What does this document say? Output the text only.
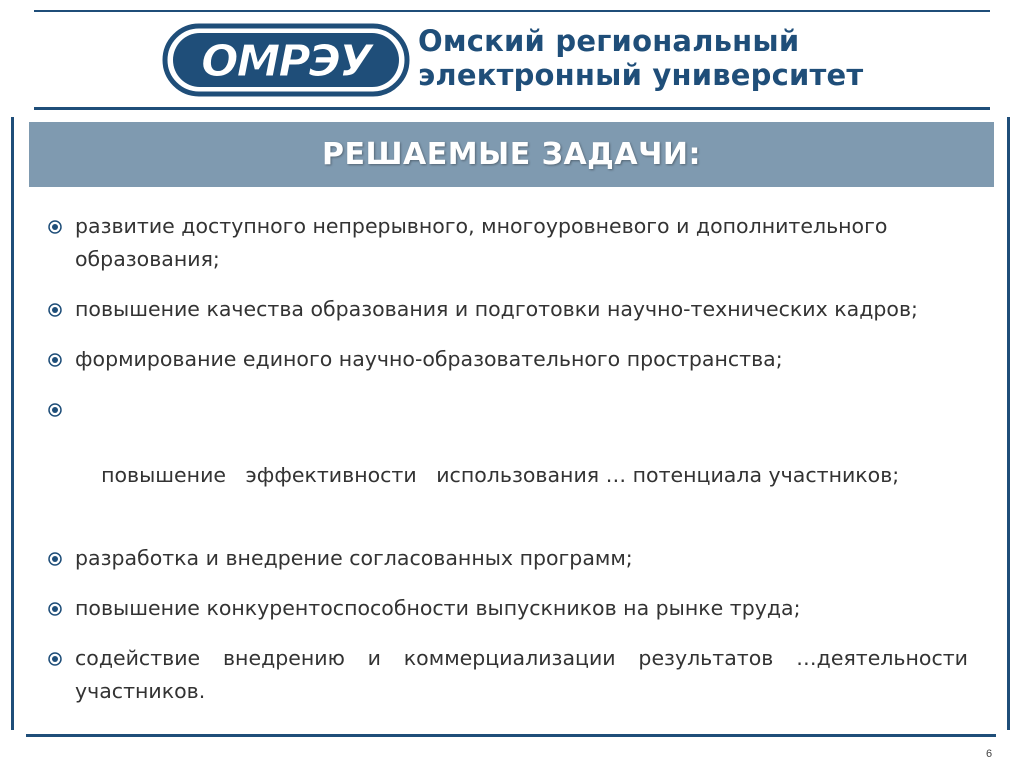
ОМРЭУ Омский региональный
электронный университет
РЕШАЕМЫЕ ЗАДАЧИ:
развитие доступного непрерывного, многоуровневого и дополнительного образования;
повышение качества образования и подготовки научно-технических кадров;
формирование единого научно-образовательного пространства;

повышение   эффективности   использования … потенциала участников;

разработка и внедрение согласованных программ;
повышение конкурентоспособности выпускников на рынке труда;
содействие внедрению и коммерциализации результатов …деятельности участников.
6
